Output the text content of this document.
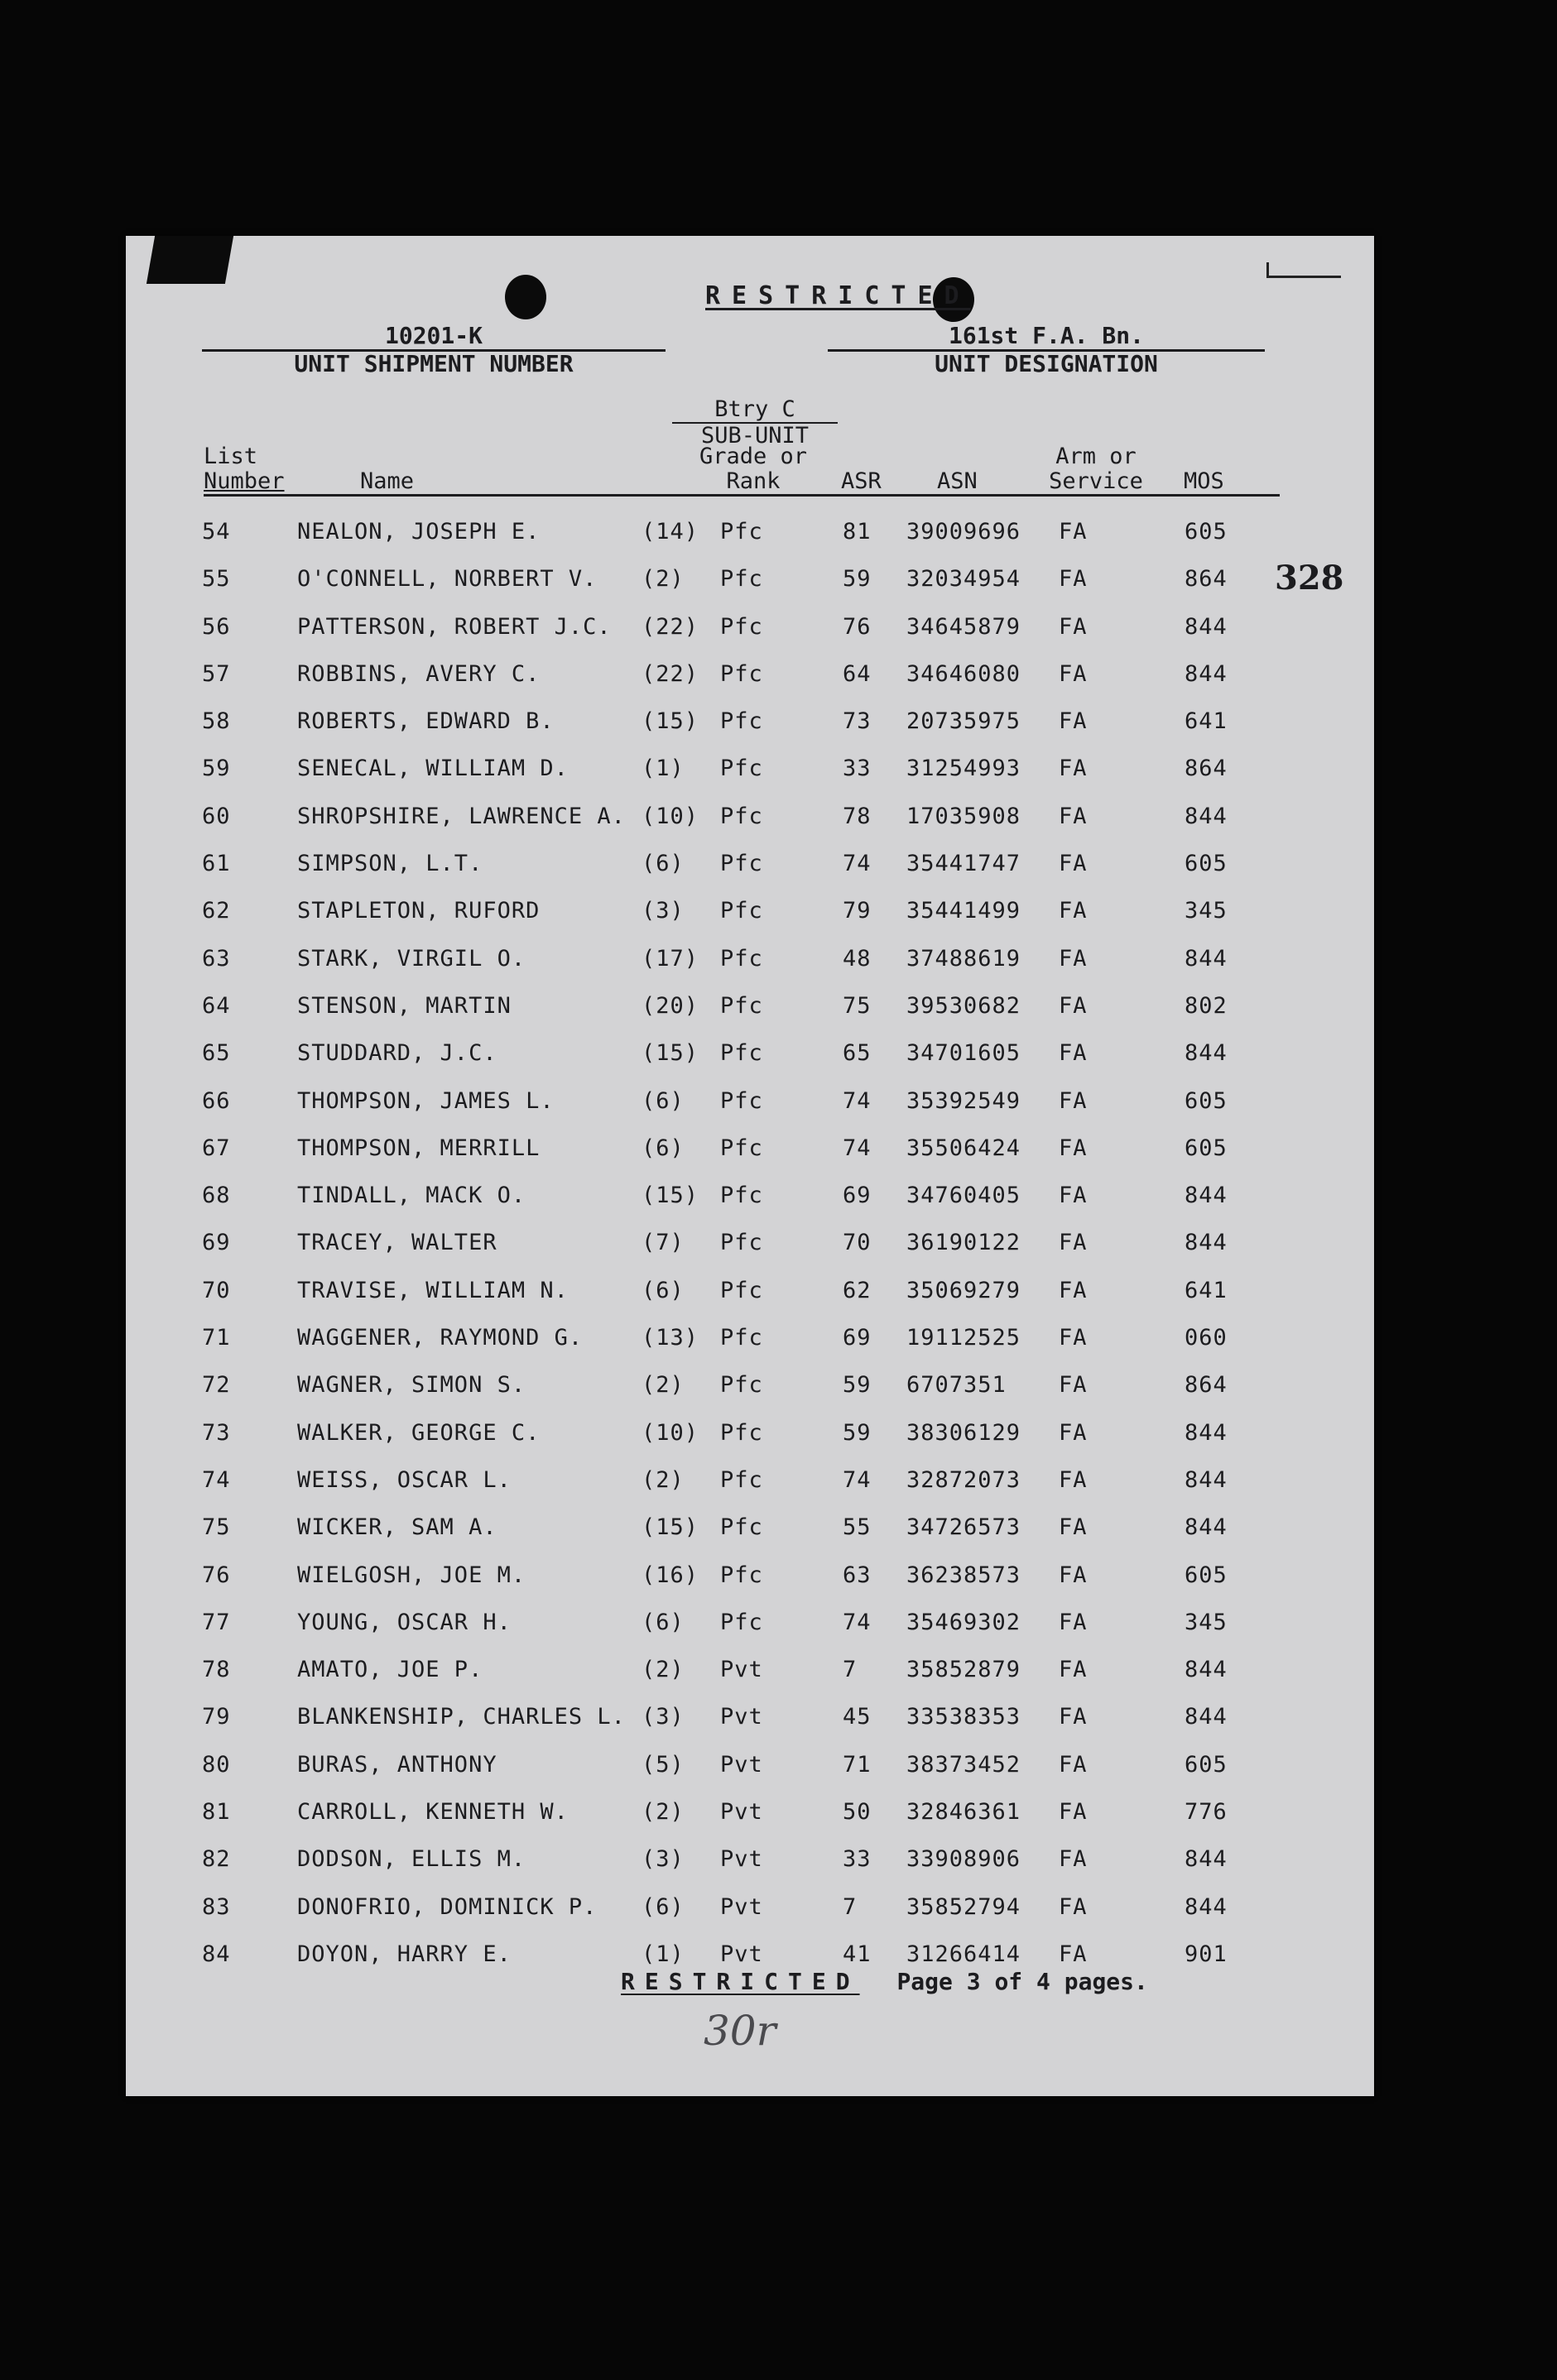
RESTRICTED
10201-K
UNIT SHIPMENT NUMBER
161st F.A. Bn.
UNIT DESIGNATION
Btry C
SUB-UNIT
List
Number	Name
Grade or
Rank	ASR ASN
Arm or
Service	MOS
328
54	NEALON, JOSEPH E.	(14) Pfc	81 39009696 FA	605
55	O'CONNELL, NORBERT V. (2) Pfc	59 32034954 FA	864
56	PATTERSON, ROBERT J.C. (22) Pfc	76 34645879 FA	844
57	ROBBINS, AVERY C.	(22) Pfc	64 34646080 FA	844
58	ROBERTS, EDWARD B.	(15) Pfc	73 20735975 FA	641
59	SENECAL, WILLIAM D.	(1) Pfc	33 31254993 FA	864
60	SHROPSHIRE, LAWRENCE A. (10) Pfc	78 17035908 FA	844
61	SIMPSON, L.T.	(6) Pfc	74 35441747 FA	605
62	STAPLETON, RUFORD	(3) Pfc	79 35441499 FA	345
63	STARK, VIRGIL O.	(17) Pfc	48 37488619 FA	844
64	STENSON, MARTIN	(20) Pfc	75 39530682 FA	802
65	STUDDARD, J.C.	(15) Pfc	65 34701605 FA	844
66	THOMPSON, JAMES L.	(6) Pfc	74 35392549 FA	605
67	THOMPSON, MERRILL	(6) Pfc	74 35506424 FA	605
68	TINDALL, MACK O.	(15) Pfc	69 34760405 FA	844
69	TRACEY, WALTER	(7) Pfc	70 36190122 FA	844
70	TRAVISE, WILLIAM N.	(6) Pfc	62 35069279 FA	641
71	WAGGENER, RAYMOND G.	(13) Pfc	69 19112525 FA	060
72	WAGNER, SIMON S.	(2) Pfc	59 6707351 FA	864
73	WALKER, GEORGE C.	(10) Pfc	59 38306129 FA	844
74	WEISS, OSCAR L.	(2) Pfc	74 32872073 FA	844
75	WICKER, SAM A.	(15) Pfc	55 34726573 FA	844
76	WIELGOSH, JOE M.	(16) Pfc	63 36238573 FA	605
77	YOUNG, OSCAR H.	(6) Pfc	74 35469302 FA	345
78	AMATO, JOE P.	(2) Pvt	7 35852879 FA	844
79	BLANKENSHIP, CHARLES L. (3) Pvt	45 33538353 FA	844
80	BURAS, ANTHONY	(5) Pvt	71 38373452 FA	605
81	CARROLL, KENNETH W.	(2) Pvt	50 32846361 FA	776
82	DODSON, ELLIS M.	(3) Pvt	33 33908906 FA	844
83	DONOFRIO, DOMINICK P. (6) Pvt	7 35852794 FA	844
84	DOYON, HARRY E.	(1) Pvt	41 31266414 FA	901
RESTRICTED Page 3 of 4 pages.
30r
